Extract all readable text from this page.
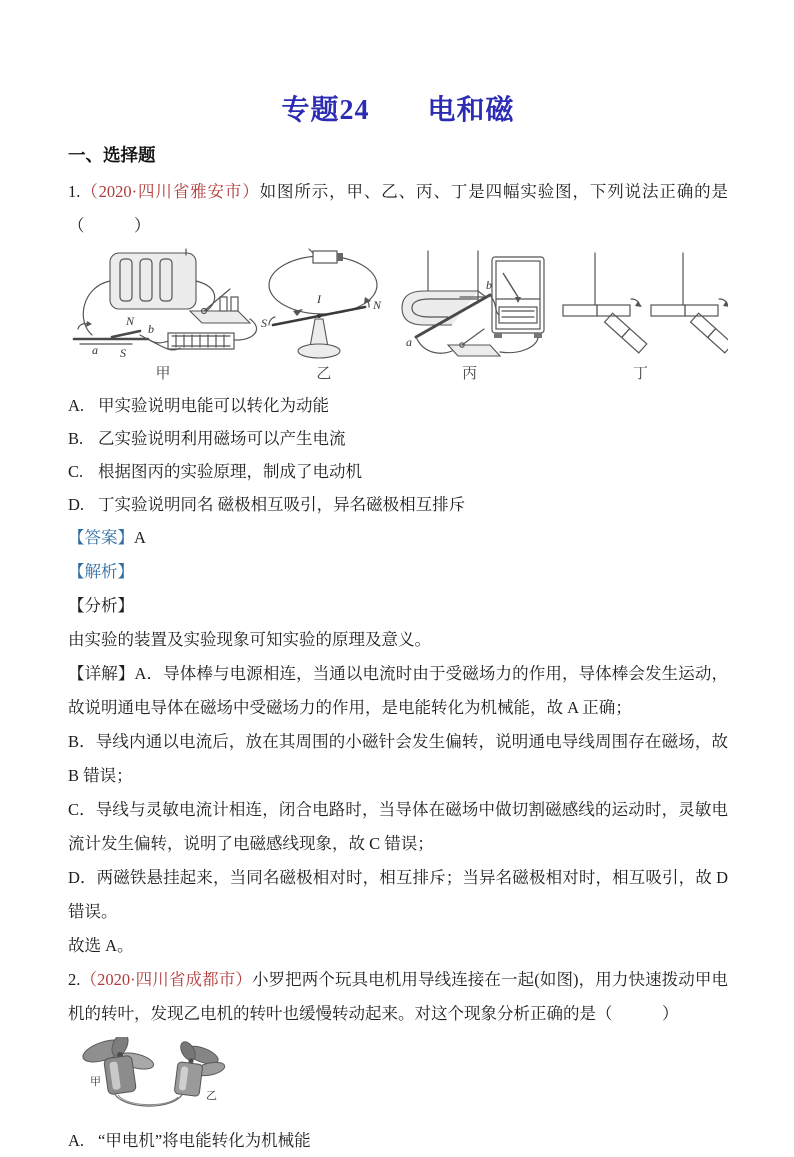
专题24　　电和磁
一、选择题

1.（2020·四川省雅安市）如图所示，甲、乙、丙、丁是四幅实验图，下列说法正确的是（　　　）

N
b
a S
甲
I
S
N
乙
a
b
丙	丁

A. 甲实验说明电能可以转化为动能

B. 乙实验说明利用磁场可以产生电流

C. 根据图丙的实验原理，制成了电动机

D. 丁实验说明同名 磁极相互吸引，异名磁极相互排斥

【答案】A

【解析】

【分析】

由实验的装置及实验现象可知实验的原理及意义。

【详解】A．导体棒与电源相连，当通以电流时由于受磁场力的作用，导体棒会发生运动，故说明通电导体在磁场中受磁场力的作用，是电能转化为机械能，故 A 正确；

B．导线内通以电流后，放在其周围的小磁针会发生偏转，说明通电导线周围存在磁场，故 B 错误；

C．导线与灵敏电流计相连，闭合电路时，当导体在磁场中做切割磁感线的运动时，灵敏电流计发生偏转，说明了电磁感线现象，故 C 错误；

D．两磁铁悬挂起来，当同名磁极相对时，相互排斥；当异名磁极相对时，相互吸引，故 D 错误。

故选 A。

2.（2020·四川省成都市）小罗把两个玩具电机用导线连接在一起(如图)，用力快速拨动甲电机的转叶，发现乙电机的转叶也缓慢转动起来。对这个现象分析正确的是（　　　）

甲
乙

A. “甲电机”将电能转化为机械能
